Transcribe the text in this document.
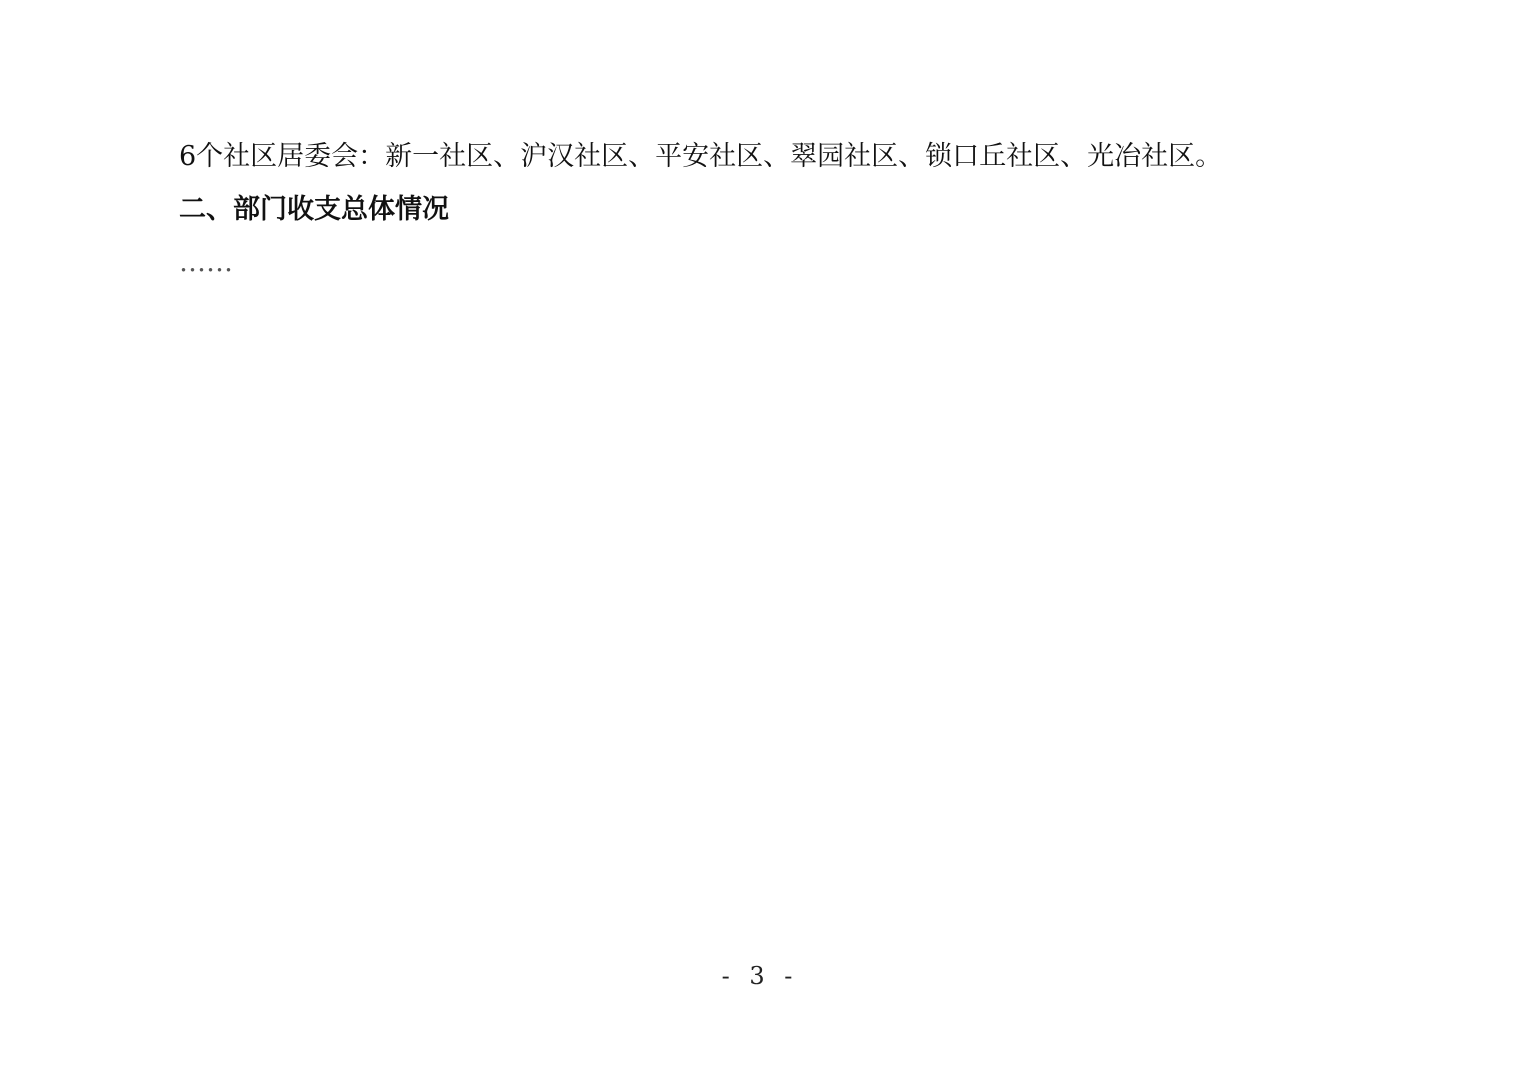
6个社区居委会：新一社区、沪汉社区、平安社区、翠园社区、锁口丘社区、光冶社区。

二、部门收支总体情况

……

- 3 -
